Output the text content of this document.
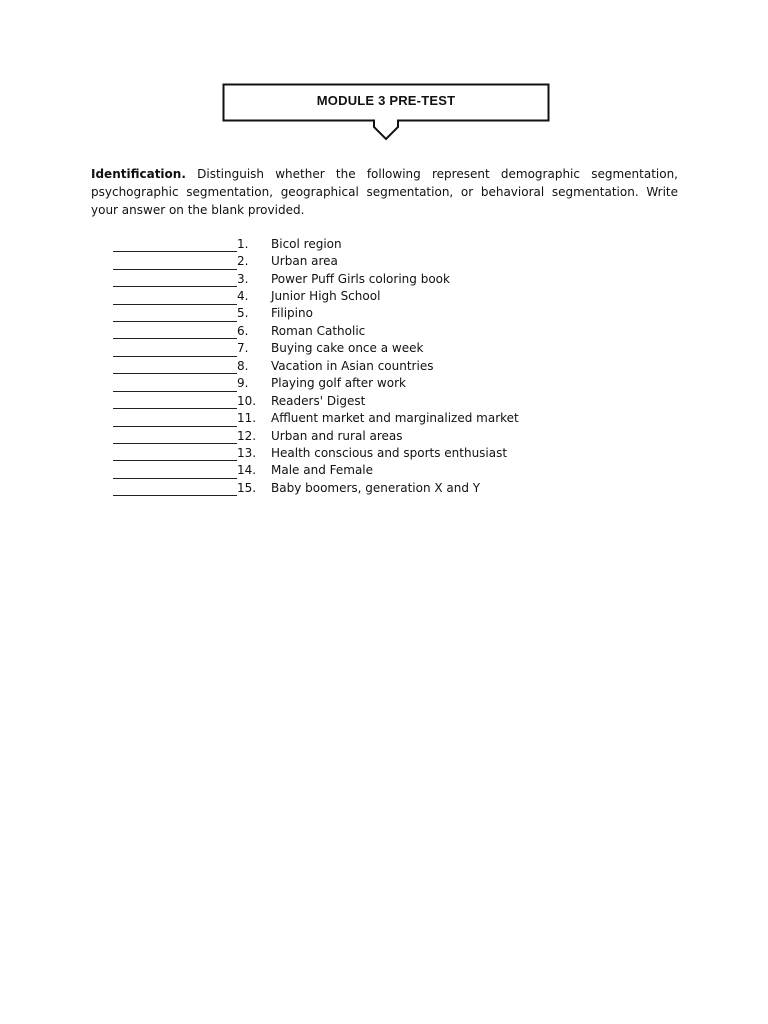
MODULE 3 PRE-TEST

Identification. Distinguish whether the following represent demographic segmentation, psychographic segmentation, geographical segmentation, or behavioral segmentation. Write your answer on the blank provided.

1.	Bicol region
2.	Urban area
3.	Power Puff Girls coloring book
4.	Junior High School
5.	Filipino
6.	Roman Catholic
7.	Buying cake once a week
8.	Vacation in Asian countries
9.	Playing golf after work
10.	Readers' Digest
11.	Affluent market and marginalized market
12.	Urban and rural areas
13.	Health conscious and sports enthusiast
14.	Male and Female
15.	Baby boomers, generation X and Y
